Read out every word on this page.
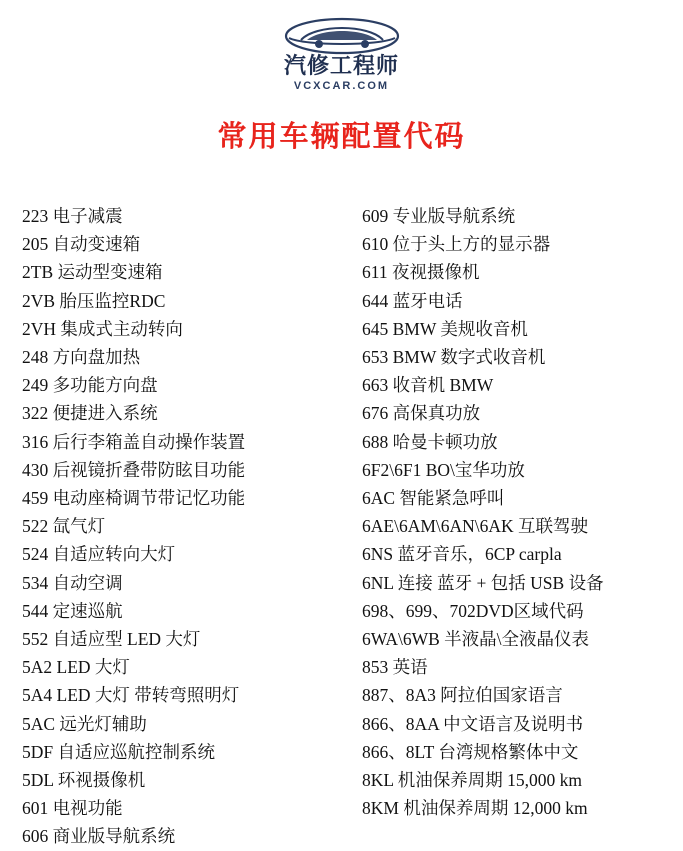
汽修工程师
VCXCAR.COM
常用车辆配置代码
223 电子减震
205 自动变速箱
2TB 运动型变速箱
2VB 胎压监控RDC
2VH 集成式主动转向
248 方向盘加热
249 多功能方向盘
322 便捷进入系统
316 后行李箱盖自动操作装置
430 后视镜折叠带防眩目功能
459 电动座椅调节带记忆功能
522 氙气灯
524 自适应转向大灯
534 自动空调
544 定速巡航
552 自适应型 LED 大灯
5A2 LED 大灯
5A4 LED 大灯 带转弯照明灯
5AC 远光灯辅助
5DF 自适应巡航控制系统
5DL 环视摄像机
601 电视功能
606 商业版导航系统
609 专业版导航系统
610 位于头上方的显示器
611 夜视摄像机
644 蓝牙电话
645 BMW 美规收音机
653 BMW 数字式收音机
663 收音机 BMW
676 高保真功放
688 哈曼卡顿功放
6F2\6F1 BO\宝华功放
6AC 智能紧急呼叫
6AE\6AM\6AN\6AK 互联驾驶
6NS 蓝牙音乐，6CP carpla
6NL 连接 蓝牙 + 包括 USB 设备
698、699、702DVD区域代码
6WA\6WB 半液晶\全液晶仪表
853 英语
887、8A3 阿拉伯国家语言
866、8AA 中文语言及说明书
866、8LT 台湾规格繁体中文
8KL 机油保养周期 15,000 km
8KM 机油保养周期 12,000 km
